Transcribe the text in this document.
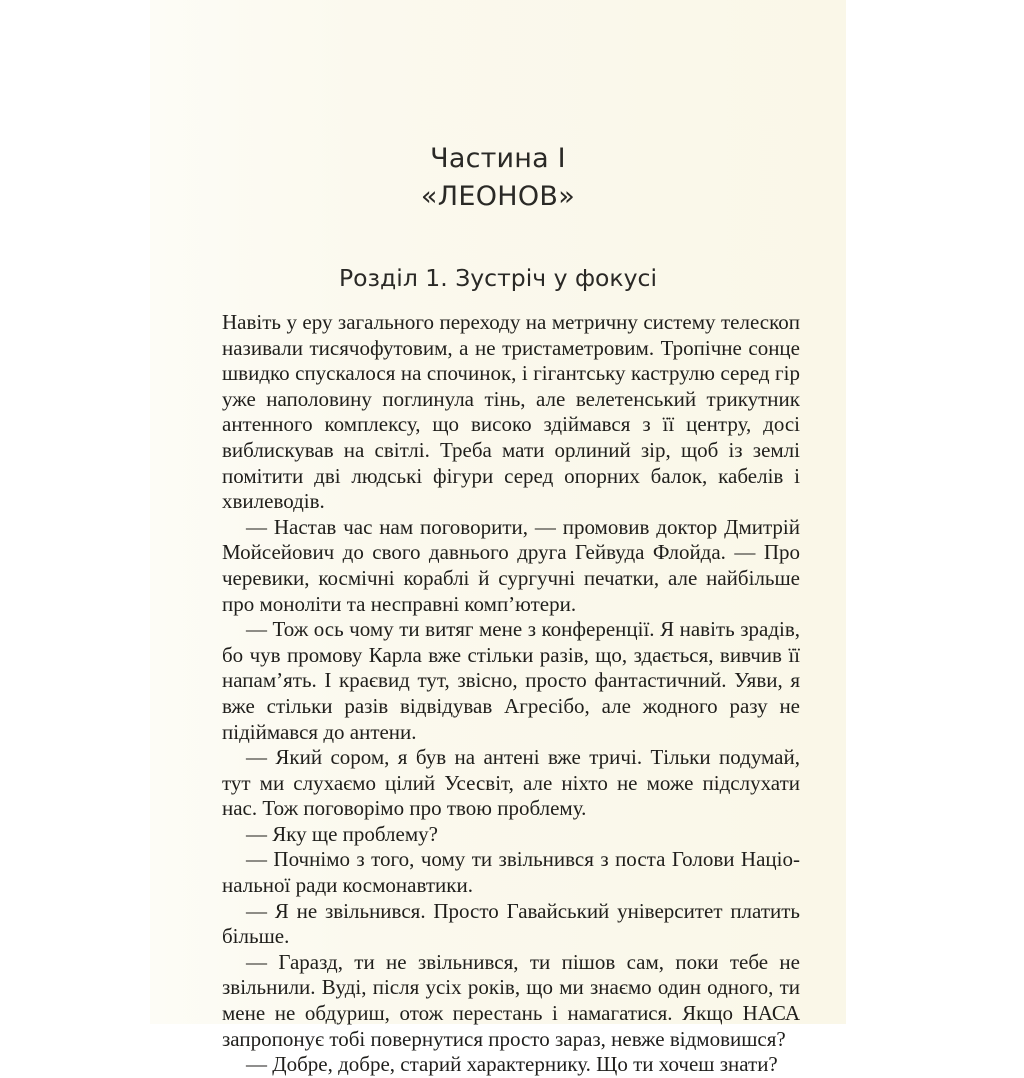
Частина I
«ЛЕОНОВ»
Розділ 1. Зустріч у фокусі

Навіть у еру загального переходу на метричну систему телескоп називали тисячофутовим, а не тристаметровим. Тропічне сонце швидко спускалося на спочинок, і гігантську каструлю серед гір уже наполовину поглинула тінь, але велетенський трикутник антенного комплексу, що високо здіймався з її центру, досі виблискував на світлі. Треба мати орлиний зір, щоб із землі помітити дві людські фігури серед опорних балок, кабелів і хвилеводів.

— Настав час нам поговорити, — промовив доктор Дмитрій Мойсейович до свого давнього друга Гейвуда Флойда. — Про черевики, космічні кораблі й сургучні печатки, але найбільше про моноліти та несправні комп’ютери.

— Тож ось чому ти витяг мене з конференції. Я навіть зрадів, бо чув промову Карла вже стільки разів, що, здається, вивчив її напам’ять. І краєвид тут, звісно, просто фантастичний. Уяви, я вже стільки разів відвідував Агресібо, але жодного разу не підіймався до антени.

— Який сором, я був на антені вже тричі. Тільки подумай, тут ми слухаємо цілий Усесвіт, але ніхто не може підслухати нас. Тож поговорімо про твою проблему.

— Яку ще проблему?

— Почнімо з того, чому ти звільнився з поста Голови Національної ради космонавтики.

— Я не звільнився. Просто Гавайський університет платить більше.

— Гаразд, ти не звільнився, ти пішов сам, поки тебе не звільнили. Вуді, після усіх років, що ми знаємо один одного, ти мене не обдуриш, отож перестань і намагатися. Якщо НАСА запропонує тобі повернутися просто зараз, невже відмовишся?

— Добре, добре, старий характернику. Що ти хочеш знати?
